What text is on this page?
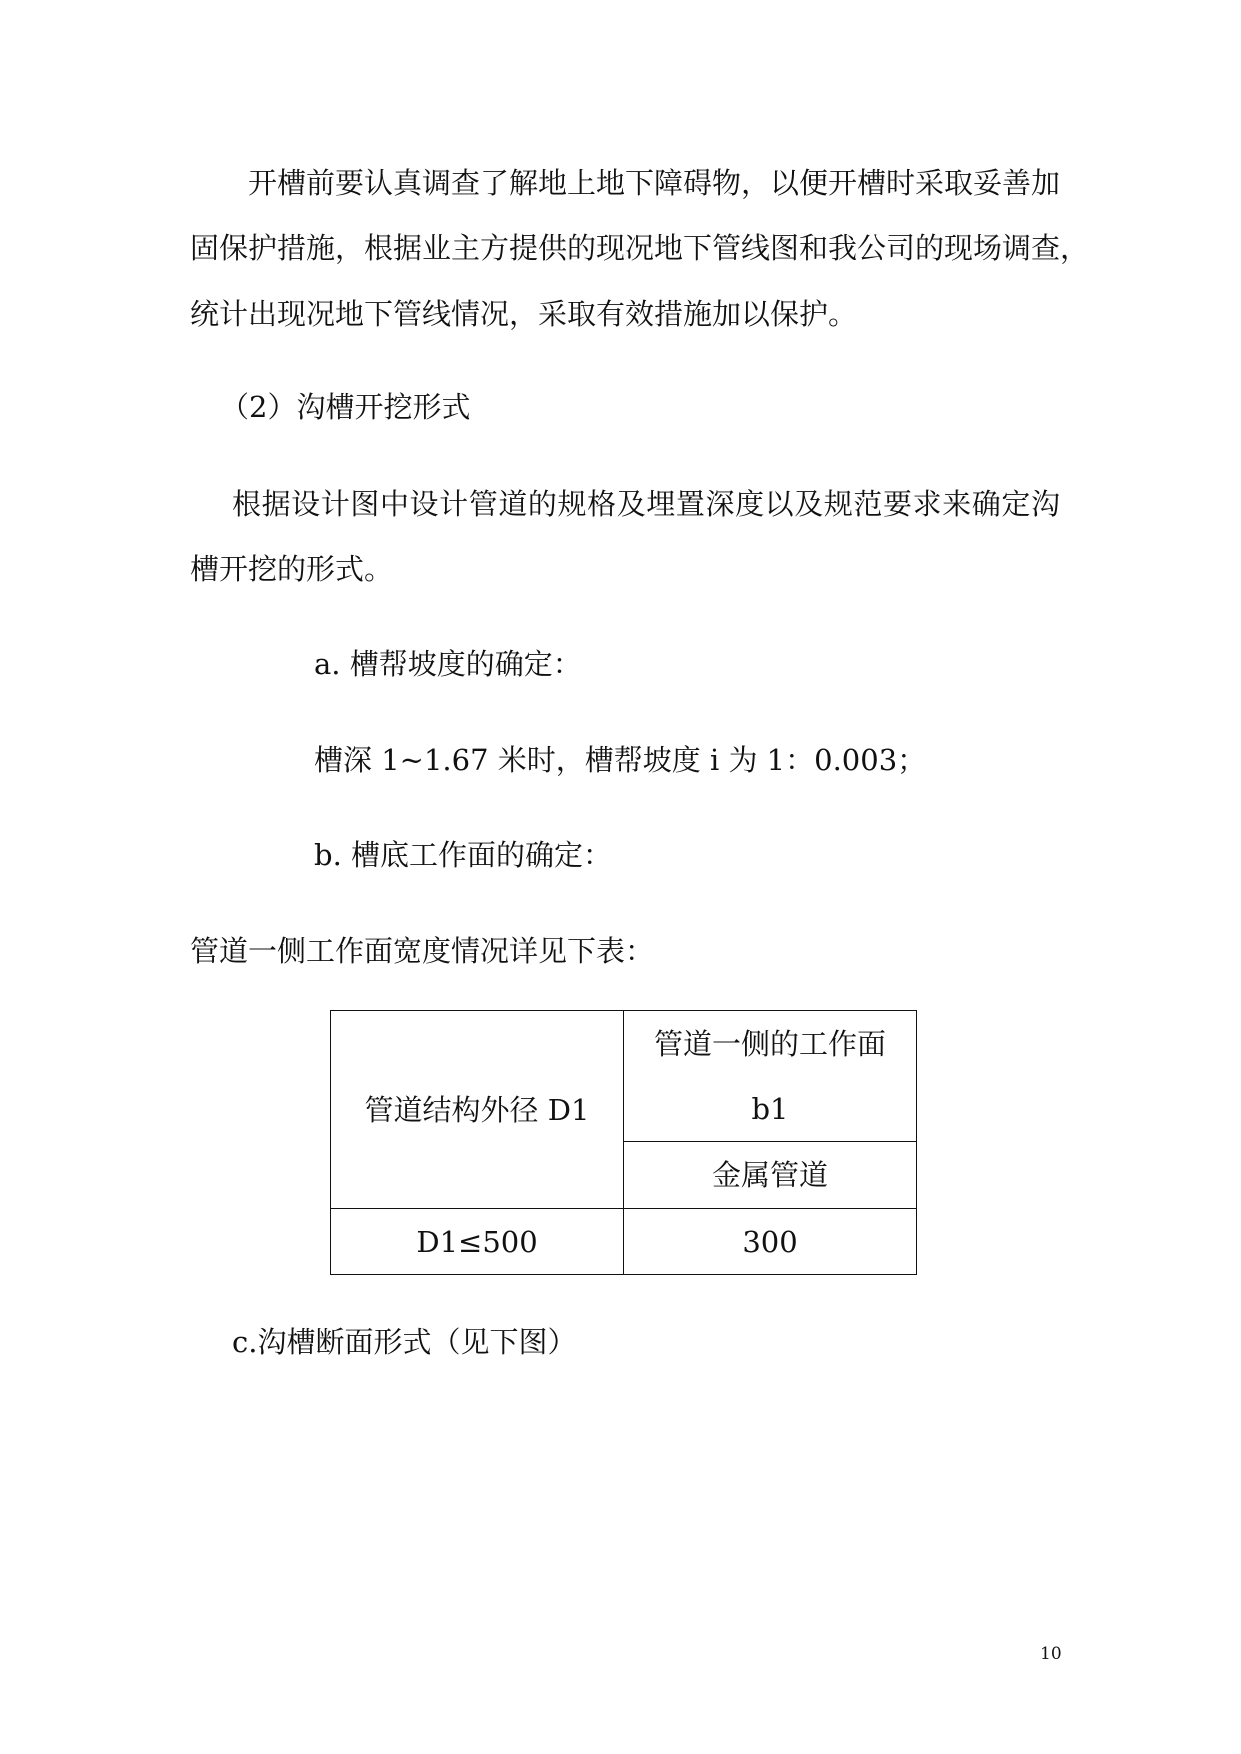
开槽前要认真调查了解地上地下障碍物，以便开槽时采取妥善加
固保护措施，根据业主方提供的现况地下管线图和我公司的现场调查，
统计出现况地下管线情况，采取有效措施加以保护。
（2）沟槽开挖形式
根据设计图中设计管道的规格及埋置深度以及规范要求来确定沟
槽开挖的形式。
a. 槽帮坡度的确定：
槽深 1~1.67 米时，槽帮坡度 i 为 1：0.003；
b. 槽底工作面的确定：
管道一侧工作面宽度情况详见下表：
管道结构外径 D1	管道一侧的工作面
b1

	金属管道

D1≤500	300
c.沟槽断面形式（见下图）
10
